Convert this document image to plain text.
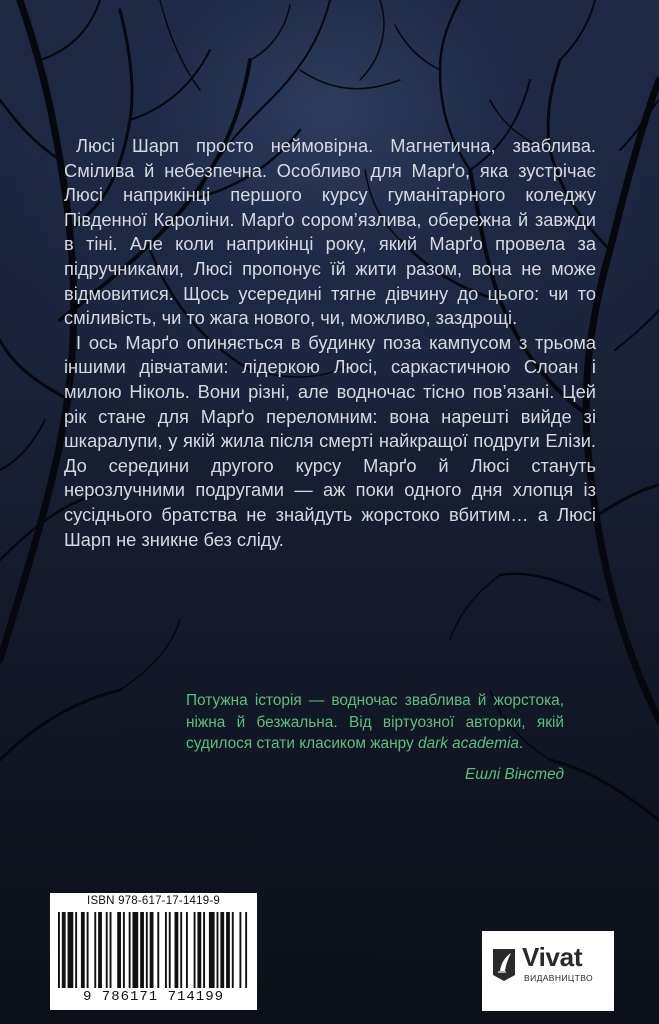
Люсі Шарп просто неймовірна. Магнетична, зваблива. Смілива й небезпечна. Особливо для Марґо, яка зустрічає Люсі наприкінці першого курсу гуманітарного коледжу Південної Кароліни. Марґо сором’язлива, обережна й завжди в тіні. Але коли наприкінці року, який Марґо провела за підручниками, Люсі пропонує їй жити разом, вона не може відмовитися. Щось усередині тягне дівчину до цього: чи то сміливість, чи то жага нового, чи, можливо, заздрощі.

І ось Марґо опиняється в будинку поза кампусом з трьома іншими дівчатами: лідеркою Люсі, саркастичною Слоан і милою Ніколь. Вони різні, але водночас тісно пов’язані. Цей рік стане для Марґо переломним: вона нарешті вийде зі шкаралупи, у якій жила після смерті найкращої подруги Елізи. До середини другого курсу Марґо й Люсі стануть нерозлучними подругами — аж поки одного дня хлопця із сусіднього братства не знайдуть жорстоко вбитим… а Люсі Шарп не зникне без сліду.

Потужна історія — водночас зваблива й жорстока, ніжна й безжальна. Від віртуозної авторки, якій судилося стати класиком жанру dark academia.
Ешлі Вінстед
ISBN 978-617-17-1419-9
9 786171 714199
Vivat
ВИДАВНИЦТВО
